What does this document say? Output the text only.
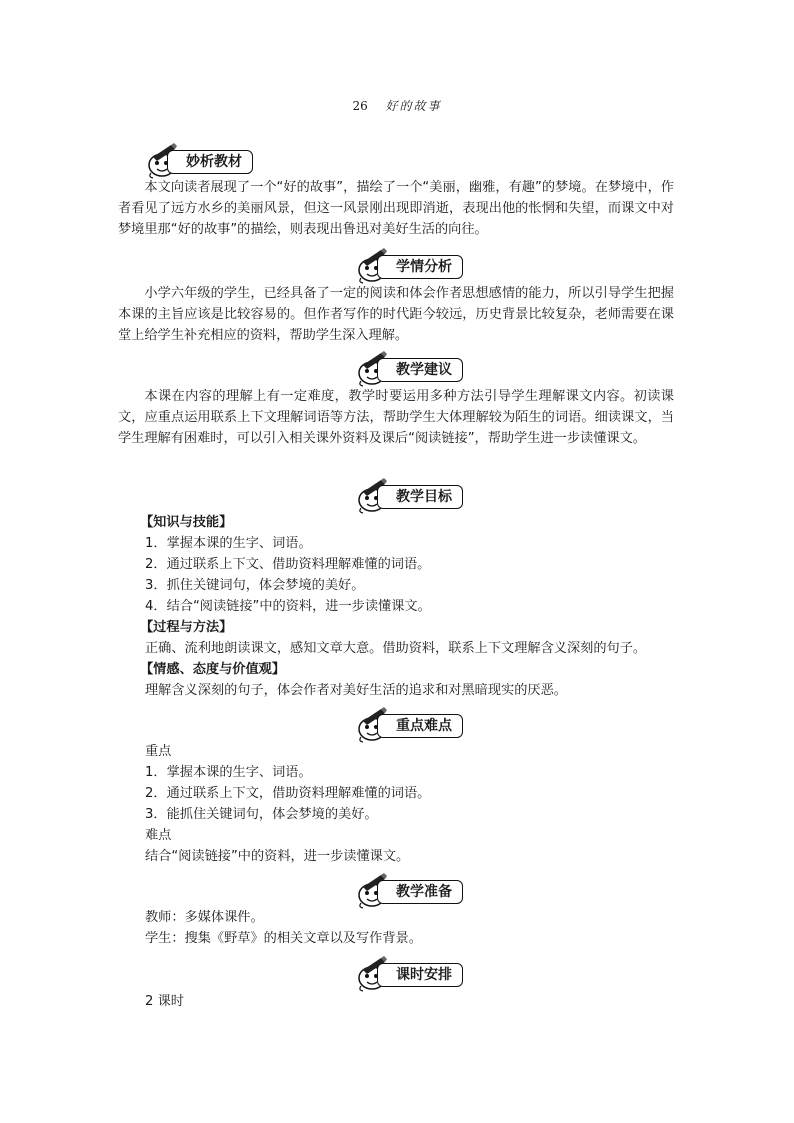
26 好的故事
妙析教材

本文向读者展现了一个“好的故事”，描绘了一个“美丽，幽雅，有趣”的梦境。在梦境中，作者看见了远方水乡的美丽风景，但这一风景刚出现即消逝，表现出他的怅惘和失望，而课文中对梦境里那“好的故事”的描绘，则表现出鲁迅对美好生活的向往。

学情分析

小学六年级的学生，已经具备了一定的阅读和体会作者思想感情的能力，所以引导学生把握本课的主旨应该是比较容易的。但作者写作的时代距今较远，历史背景比较复杂，老师需要在课堂上给学生补充相应的资料，帮助学生深入理解。

教学建议

本课在内容的理解上有一定难度，教学时要运用多种方法引导学生理解课文内容。初读课文，应重点运用联系上下文理解词语等方法，帮助学生大体理解较为陌生的词语。细读课文，当学生理解有困难时，可以引入相关课外资料及课后“阅读链接”，帮助学生进一步读懂课文。

教学目标
【知识与技能】
1．掌握本课的生字、词语。
2．通过联系上下文、借助资料理解难懂的词语。
3．抓住关键词句，体会梦境的美好。
4．结合“阅读链接”中的资料，进一步读懂课文。
【过程与方法】
正确、流利地朗读课文，感知文章大意。借助资料，联系上下文理解含义深刻的句子。
【情感、态度与价值观】
理解含义深刻的句子，体会作者对美好生活的追求和对黑暗现实的厌恶。
重点难点
重点
1．掌握本课的生字、词语。
2．通过联系上下文，借助资料理解难懂的词语。
3．能抓住关键词句，体会梦境的美好。
难点
结合“阅读链接”中的资料，进一步读懂课文。
教学准备
教师：多媒体课件。
学生：搜集《野草》的相关文章以及写作背景。
课时安排
2 课时
